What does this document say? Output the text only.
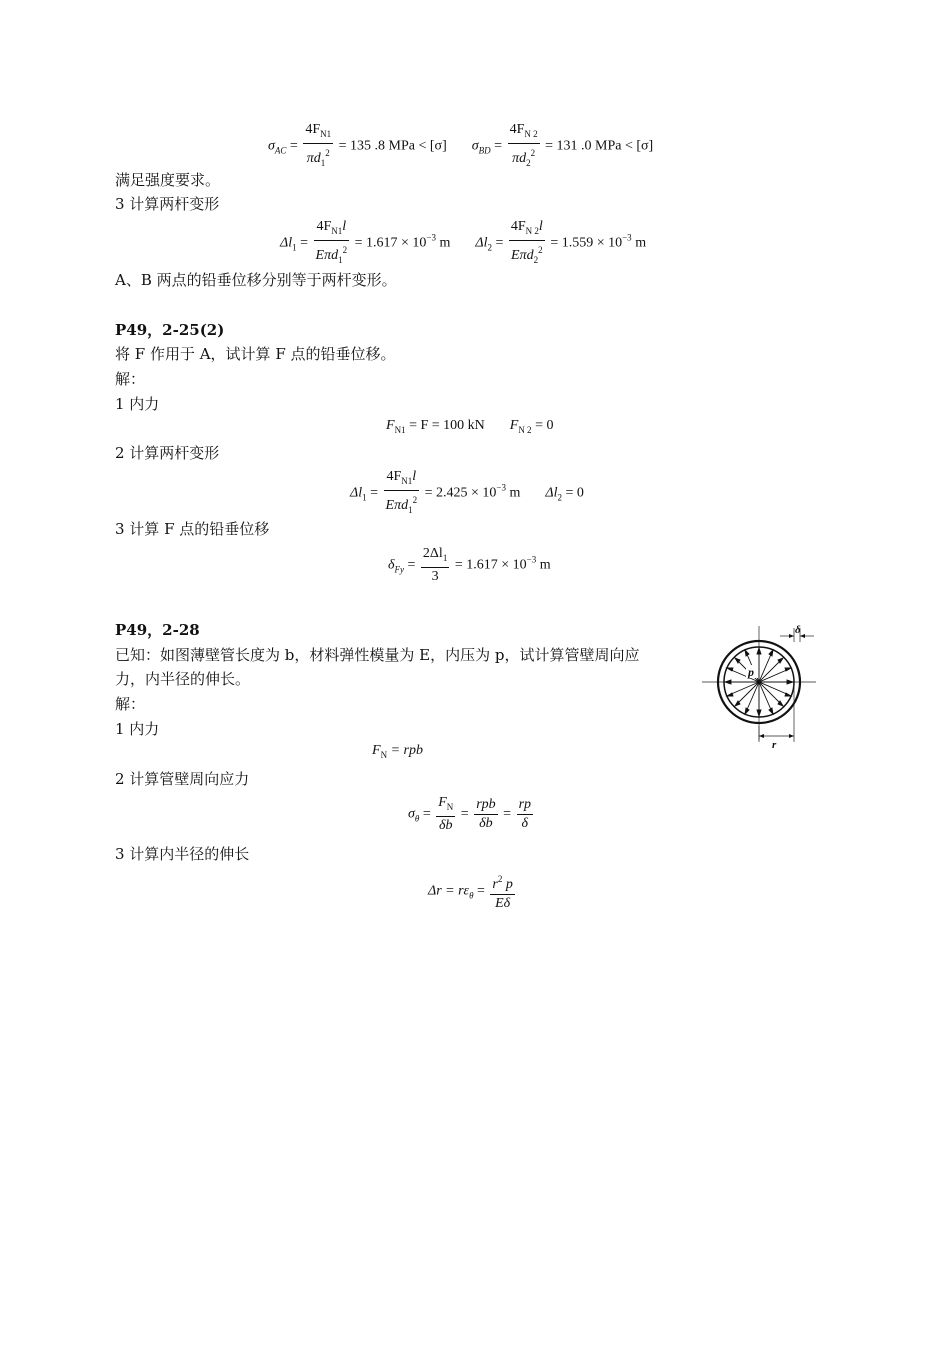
$\sigma_{AC} = \frac{4F_{N1}}{\pi d_1^2} = 135$ .8 MPa < [σ] $\sigma_{BD} = \frac{4F_{N 2}}{\pi d_2^2} = 131$ .0 MPa < [σ]
满足强度要求。
3 计算两杆变形
$\Delta l_1 = \frac{4F_{N1}l}{E\pi d_1^2} = 1.617 \times 10^{-3}$ m $\Delta l_2 = \frac{4F_{N 2}l}{E\pi d_2^2} = 1.559 \times 10^{-3}$ m
A、B 两点的铅垂位移分别等于两杆变形。
P49，2-25(2)
将 F 作用于 A，试计算 F 点的铅垂位移。
解：
1 内力
$F_{N1} = F = 100$ kN $F_{N 2} = 0$
2 计算两杆变形
$\Delta l_1 = \frac{4F_{N1}l}{E\pi d_1^2} = 2.425 \times 10^{-3}$ m $\Delta l_2 = 0$
3 计算 F 点的铅垂位移
$\delta_{Fy} = \frac{2\Delta l_1}{3} = 1.617 \times 10^{-3}$ m
P49，2-28
已知：如图薄壁管长度为 b，材料弹性模量为 E，内压为 p，试计算管壁周向应
力，内半径的伸长。
解：
1 内力
$F_N$ = rpb
2 计算管壁周向应力
$\sigma_\theta = \frac{F_N}{\delta b} = \frac{\text{rpb}}{\delta b} = \frac{rp}{\delta}$
3 计算内半径的伸长
$\Delta r = r\varepsilon_\theta = \frac{r^2 p}{E\delta}$
p
δ
r
